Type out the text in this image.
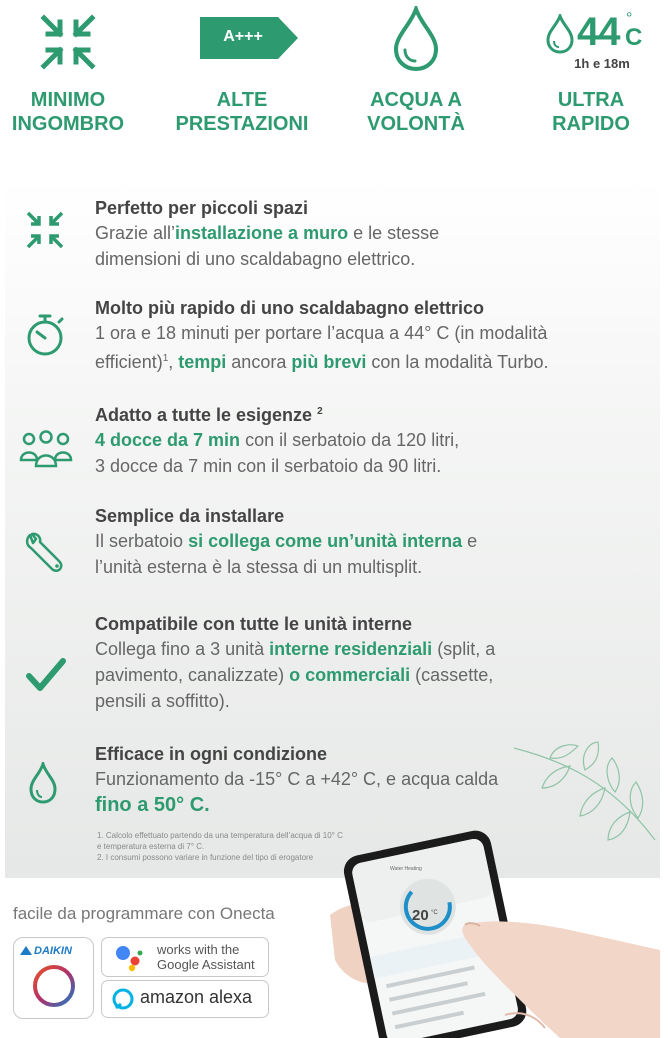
MINIMO
INGOMBRO
A+++
ALTE
PRESTAZIONI
ACQUA A
VOLONTÀ
44 °
C
1h e 18m
ULTRA
RAPIDO
Perfetto per piccoli spazi
Grazie all’installazione a muro e le stesse
dimensioni di uno scaldabagno elettrico.
Molto più rapido di uno scaldabagno elettrico
1 ora e 18 minuti per portare l’acqua a 44° C (in modalità
efficient)$^1$, tempi ancora più brevi con la modalità Turbo.
Adatto a tutte le esigenze $^2$
4 docce da 7 min con il serbatoio da 120 litri,
3 docce da 7 min con il serbatoio da 90 litri.
Semplice da installare
Il serbatoio si collega come un’unità interna e
l’unità esterna è la stessa di un multisplit.
Compatibile con tutte le unità interne
Collega fino a 3 unità interne residenziali (split, a
pavimento, canalizzate) o commerciali (cassette,
pensili a soffitto).
Efficace in ogni condizione
Funzionamento da -15° C a +42° C, e acqua calda
fino a 50° C.
1. Calcolo effettuato partendo da una temperatura dell’acqua di 10° C
e temperatura esterna di 7° C.
2. I consumi possono variare in funzione del tipo di erogatore
facile da programmare con Onecta
DAIKIN	works with the
Google Assistant
amazon alexa
Water Heating
20 °C
